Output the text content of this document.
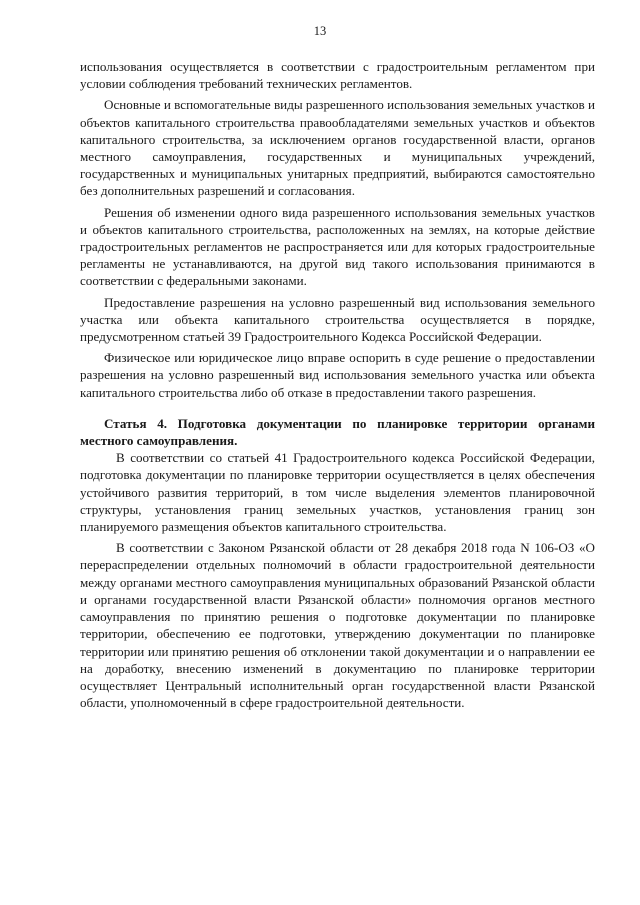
13

использования осуществляется в соответствии с градостроительным регламентом при условии соблюдения требований технических регламентов.

Основные и вспомогательные виды разрешенного использования земельных участков и объектов капитального строительства правообладателями земельных участков и объектов капитального строительства, за исключением органов государственной власти, органов местного самоуправления, государственных и муниципальных учреждений, государственных и муниципальных унитарных предприятий, выбираются самостоятельно без дополнительных разрешений и согласования.

Решения об изменении одного вида разрешенного использования земельных участков и объектов капитального строительства, расположенных на землях, на которые действие градостроительных регламентов не распространяется или для которых градостроительные регламенты не устанавливаются, на другой вид такого использования принимаются в соответствии с федеральными законами.

Предоставление разрешения на условно разрешенный вид использования земельного участка или объекта капитального строительства осуществляется в порядке, предусмотренном статьей 39 Градостроительного Кодекса Российской Федерации.

Физическое или юридическое лицо вправе оспорить в суде решение о предоставлении разрешения на условно разрешенный вид использования земельного участка или объекта капитального строительства либо об отказе в предоставлении такого разрешения.

Статья 4. Подготовка документации по планировке территории органами местного самоуправления.

В соответствии со статьей 41 Градостроительного кодекса Российской Федерации, подготовка документации по планировке территории осуществляется в целях обеспечения устойчивого развития территорий, в том числе выделения элементов планировочной структуры, установления границ земельных участков, установления границ зон планируемого размещения объектов капитального строительства.

В соответствии с Законом Рязанской области от 28 декабря 2018 года N 106-ОЗ «О перераспределении отдельных полномочий в области градостроительной деятельности между органами местного самоуправления муниципальных образований Рязанской области и органами государственной власти Рязанской области» полномочия органов местного самоуправления по принятию решения о подготовке документации по планировке территории, обеспечению ее подготовки, утверждению документации по планировке территории или принятию решения об отклонении такой документации и о направлении ее на доработку, внесению изменений в документацию по планировке территории осуществляет Центральный исполнительный орган государственной власти Рязанской области, уполномоченный в сфере градостроительной деятельности.
